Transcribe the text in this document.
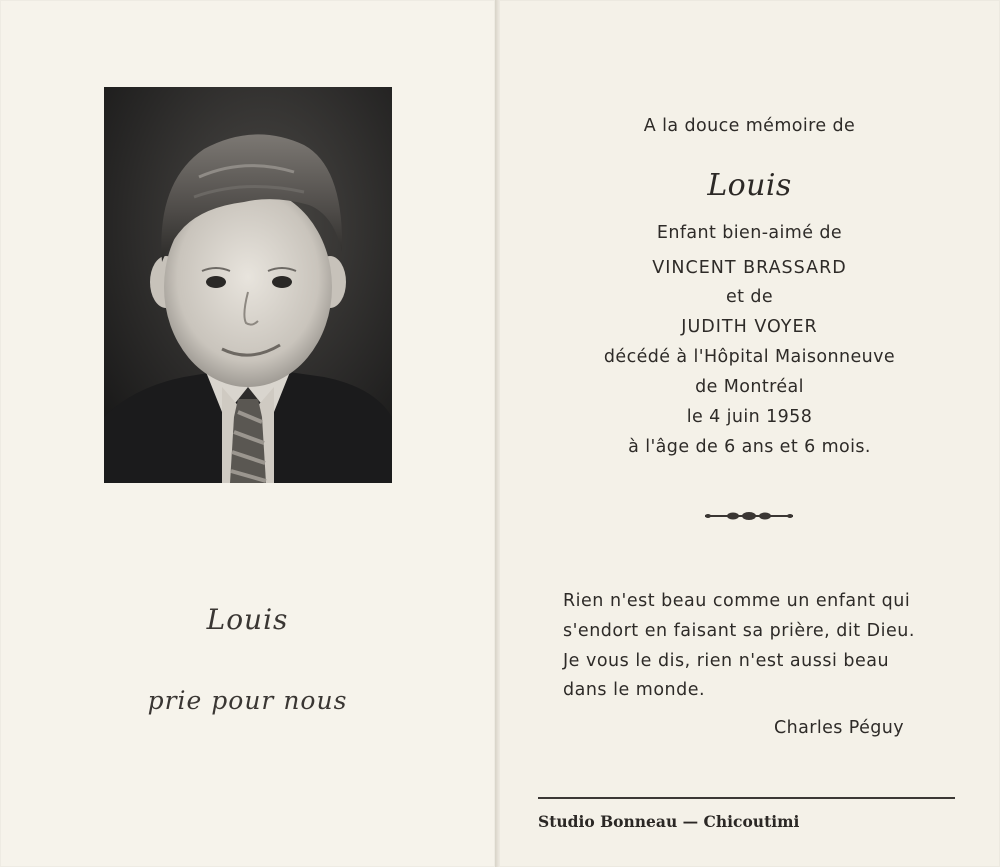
Louis
prie pour nous
A la douce mémoire de
Louis
Enfant bien-aimé de
VINCENT BRASSARD
et de
JUDITH VOYER
décédé à l'Hôpital Maisonneuve
de Montréal
le 4 juin 1958
à l'âge de 6 ans et 6 mois.
Rien n'est beau comme un enfant qui
s'endort en faisant sa prière, dit Dieu.
Je vous le dis, rien n'est aussi beau
dans le monde.
Charles Péguy
Studio Bonneau — Chicoutimi
